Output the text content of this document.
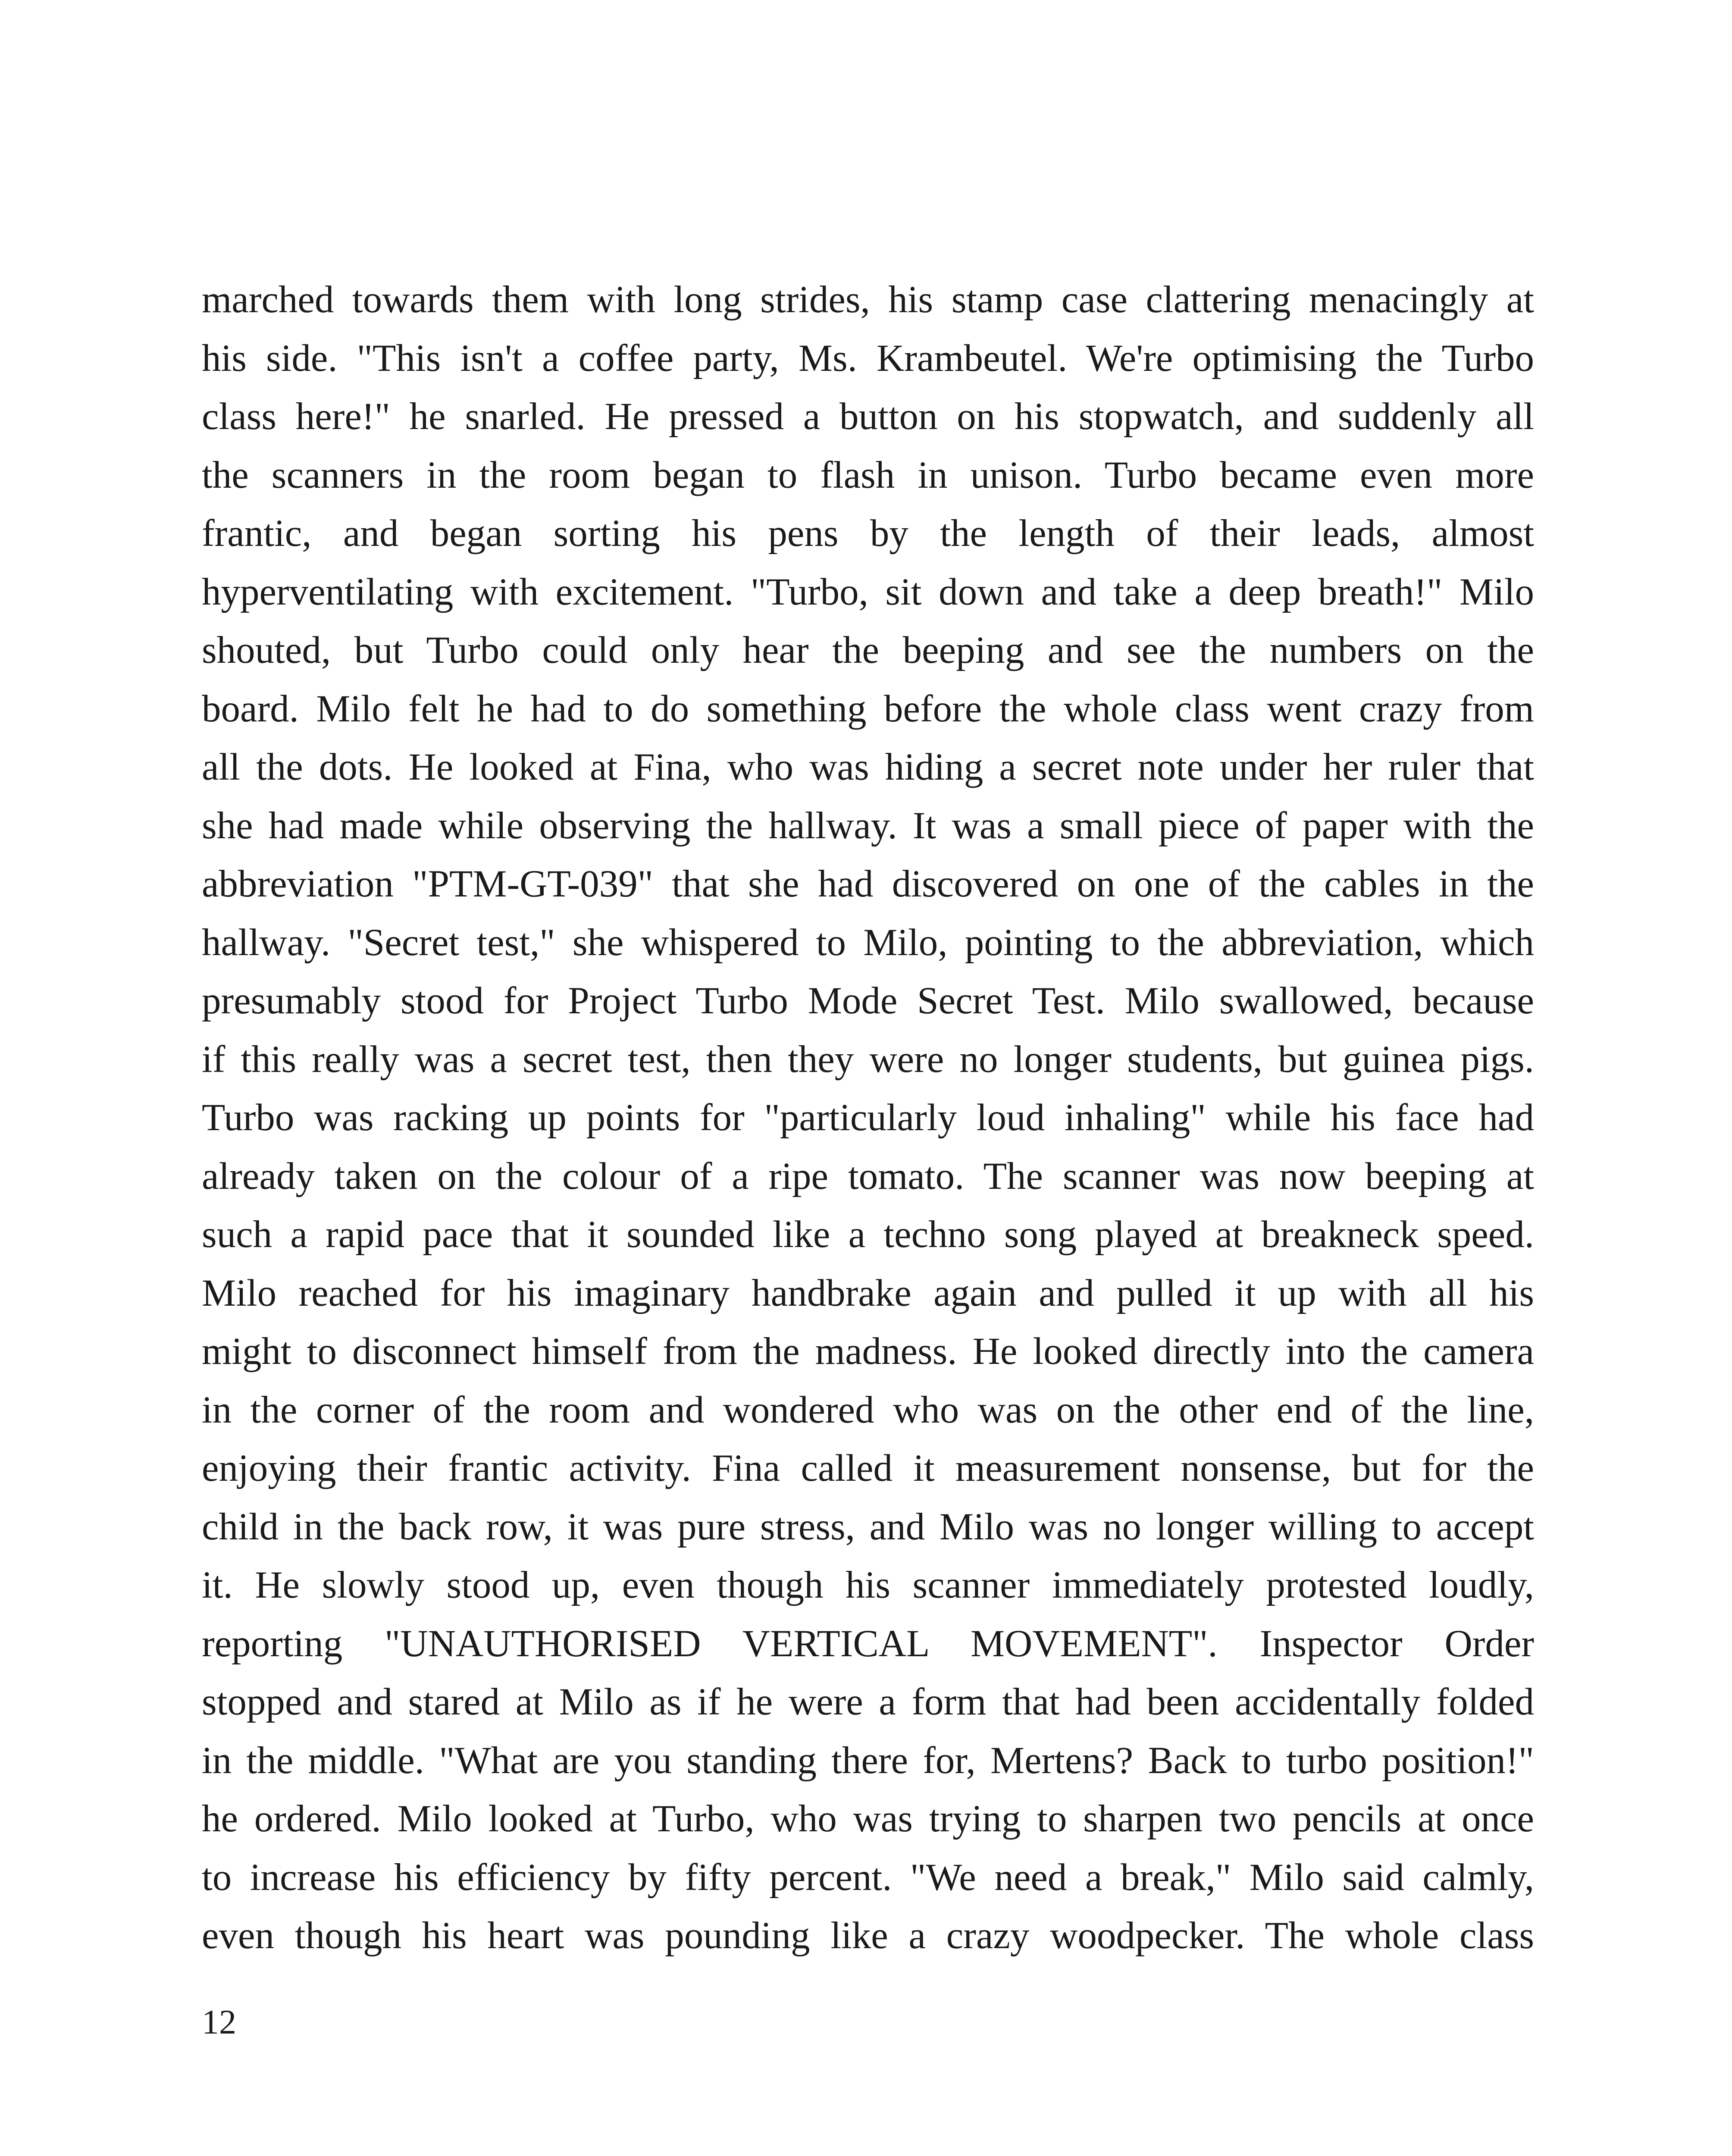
marched towards them with long strides, his stamp case clattering menacingly at
his side. "This isn't a coffee party, Ms. Krambeutel. We're optimising the Turbo
class here!" he snarled. He pressed a button on his stopwatch, and suddenly all
the scanners in the room began to flash in unison. Turbo became even more
frantic, and began sorting his pens by the length of their leads, almost
hyperventilating with excitement. "Turbo, sit down and take a deep breath!" Milo
shouted, but Turbo could only hear the beeping and see the numbers on the
board. Milo felt he had to do something before the whole class went crazy from
all the dots. He looked at Fina, who was hiding a secret note under her ruler that
she had made while observing the hallway. It was a small piece of paper with the
abbreviation "PTM-GT-039" that she had discovered on one of the cables in the
hallway. "Secret test," she whispered to Milo, pointing to the abbreviation, which
presumably stood for Project Turbo Mode Secret Test. Milo swallowed, because
if this really was a secret test, then they were no longer students, but guinea pigs.
Turbo was racking up points for "particularly loud inhaling" while his face had
already taken on the colour of a ripe tomato. The scanner was now beeping at
such a rapid pace that it sounded like a techno song played at breakneck speed.
Milo reached for his imaginary handbrake again and pulled it up with all his
might to disconnect himself from the madness. He looked directly into the camera
in the corner of the room and wondered who was on the other end of the line,
enjoying their frantic activity. Fina called it measurement nonsense, but for the
child in the back row, it was pure stress, and Milo was no longer willing to accept
it. He slowly stood up, even though his scanner immediately protested loudly,
reporting "UNAUTHORISED VERTICAL MOVEMENT". Inspector Order
stopped and stared at Milo as if he were a form that had been accidentally folded
in the middle. "What are you standing there for, Mertens? Back to turbo position!"
he ordered. Milo looked at Turbo, who was trying to sharpen two pencils at once
to increase his efficiency by fifty percent. "We need a break," Milo said calmly,
even though his heart was pounding like a crazy woodpecker. The whole class
12
